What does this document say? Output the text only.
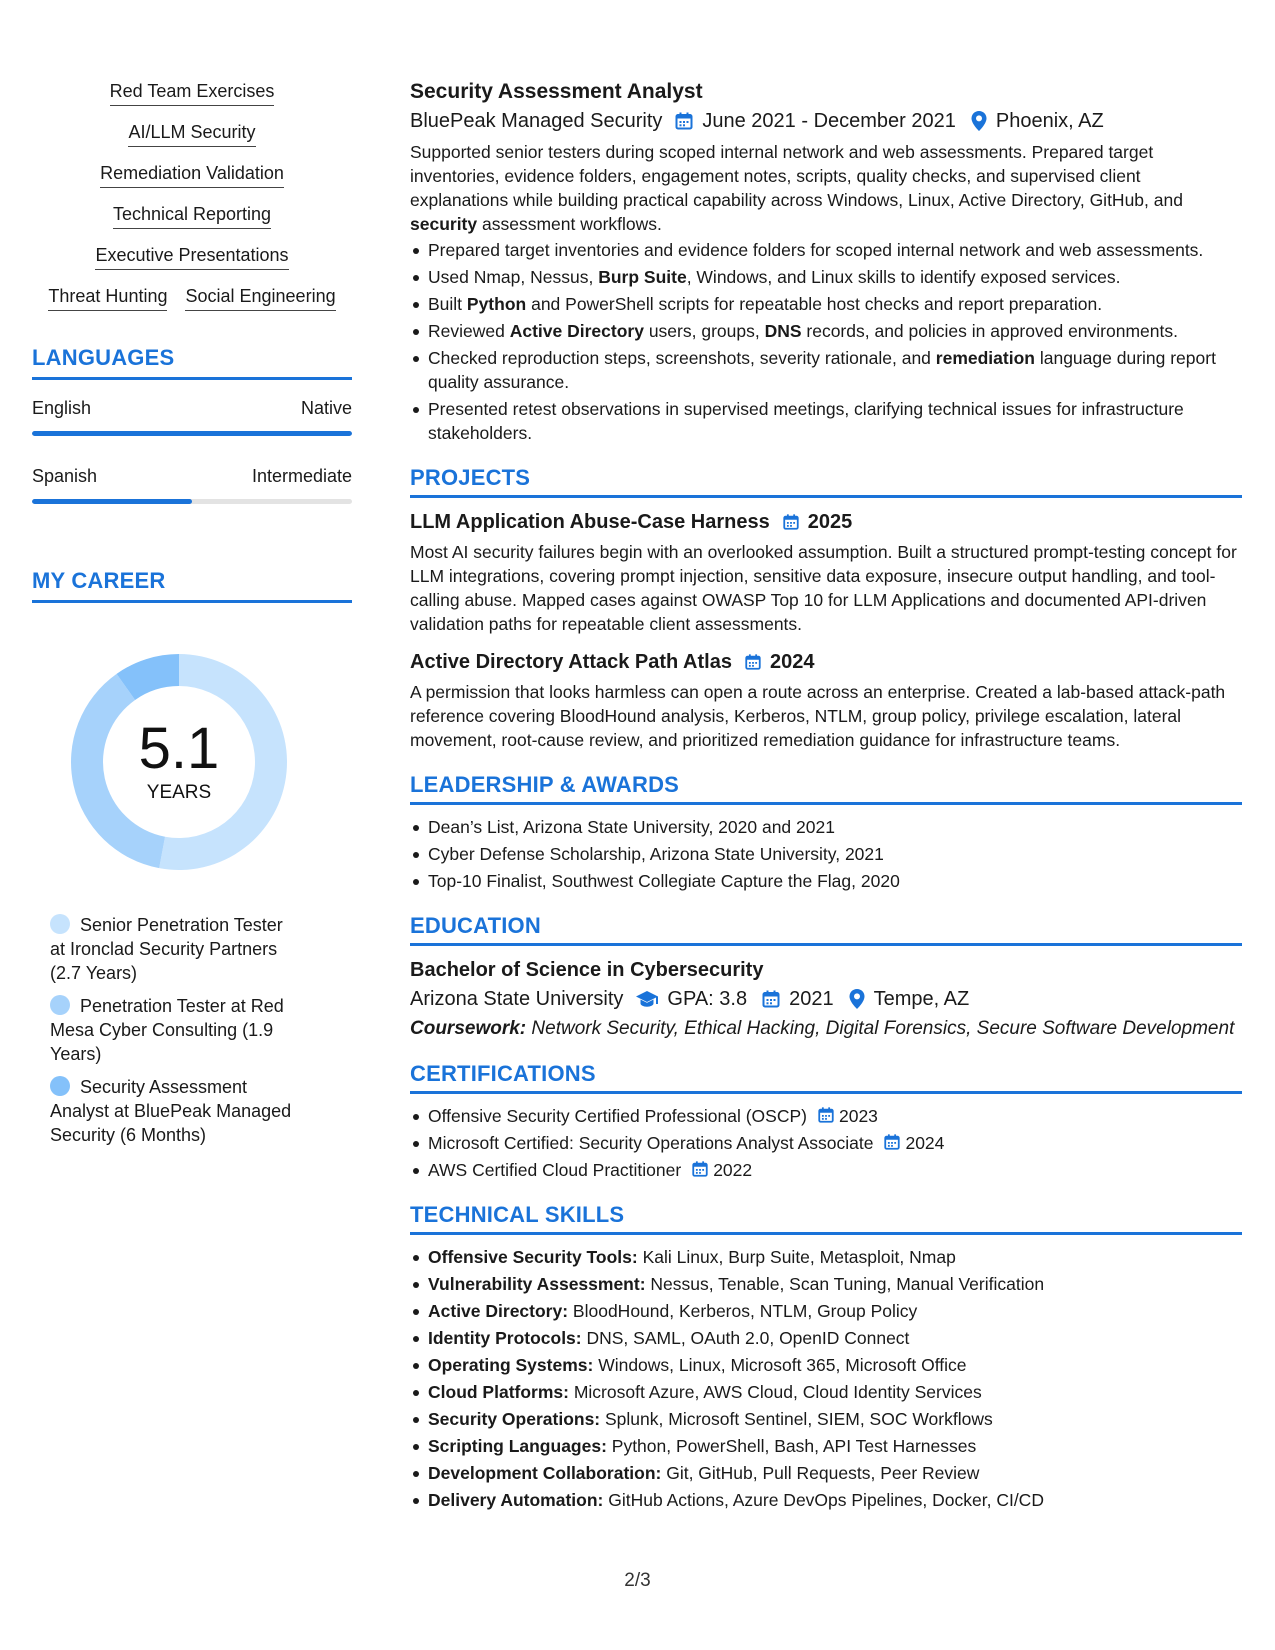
Red Team Exercises
AI/LLM Security
Remediation Validation
Technical Reporting
Executive Presentations
Threat Hunting Social Engineering
LANGUAGES
English	Native
Spanish	Intermediate
MY CAREER
5.1
YEARS
Senior Penetration Tester at Ironclad Security Partners (2.7 Years)
Penetration Tester at Red Mesa Cyber Consulting (1.9 Years)
Security Assessment Analyst at BluePeak Managed Security (6 Months)
Security Assessment Analyst
BluePeak Managed Security June 2021 - December 2021 Phoenix, AZ
Supported senior testers during scoped internal network and web assessments. Prepared target inventories, evidence folders, engagement notes, scripts, quality checks, and supervised client explanations while building practical capability across Windows, Linux, Active Directory, GitHub, and security assessment workflows.
Prepared target inventories and evidence folders for scoped internal network and web assessments.
Used Nmap, Nessus, Burp Suite, Windows, and Linux skills to identify exposed services.
Built Python and PowerShell scripts for repeatable host checks and report preparation.
Reviewed Active Directory users, groups, DNS records, and policies in approved environments.
Checked reproduction steps, screenshots, severity rationale, and remediation language during report quality assurance.
Presented retest observations in supervised meetings, clarifying technical issues for infrastructure stakeholders.
PROJECTS
LLM Application Abuse-Case Harness 2025
Most AI security failures begin with an overlooked assumption. Built a structured prompt-testing concept for LLM integrations, covering prompt injection, sensitive data exposure, insecure output handling, and tool-calling abuse. Mapped cases against OWASP Top 10 for LLM Applications and documented API-driven validation paths for repeatable client assessments.
Active Directory Attack Path Atlas 2024
A permission that looks harmless can open a route across an enterprise. Created a lab-based attack-path reference covering BloodHound analysis, Kerberos, NTLM, group policy, privilege escalation, lateral movement, root-cause review, and prioritized remediation guidance for infrastructure teams.
LEADERSHIP & AWARDS
Dean’s List, Arizona State University, 2020 and 2021
Cyber Defense Scholarship, Arizona State University, 2021
Top-10 Finalist, Southwest Collegiate Capture the Flag, 2020
EDUCATION
Bachelor of Science in Cybersecurity
Arizona State University GPA: 3.8 2021 Tempe, AZ
Coursework: Network Security, Ethical Hacking, Digital Forensics, Secure Software Development
CERTIFICATIONS
Offensive Security Certified Professional (OSCP) 2023
Microsoft Certified: Security Operations Analyst Associate 2024
AWS Certified Cloud Practitioner 2022
TECHNICAL SKILLS
Offensive Security Tools: Kali Linux, Burp Suite, Metasploit, Nmap
Vulnerability Assessment: Nessus, Tenable, Scan Tuning, Manual Verification
Active Directory: BloodHound, Kerberos, NTLM, Group Policy
Identity Protocols: DNS, SAML, OAuth 2.0, OpenID Connect
Operating Systems: Windows, Linux, Microsoft 365, Microsoft Office
Cloud Platforms: Microsoft Azure, AWS Cloud, Cloud Identity Services
Security Operations: Splunk, Microsoft Sentinel, SIEM, SOC Workflows
Scripting Languages: Python, PowerShell, Bash, API Test Harnesses
Development Collaboration: Git, GitHub, Pull Requests, Peer Review
Delivery Automation: GitHub Actions, Azure DevOps Pipelines, Docker, CI/CD
2/3
